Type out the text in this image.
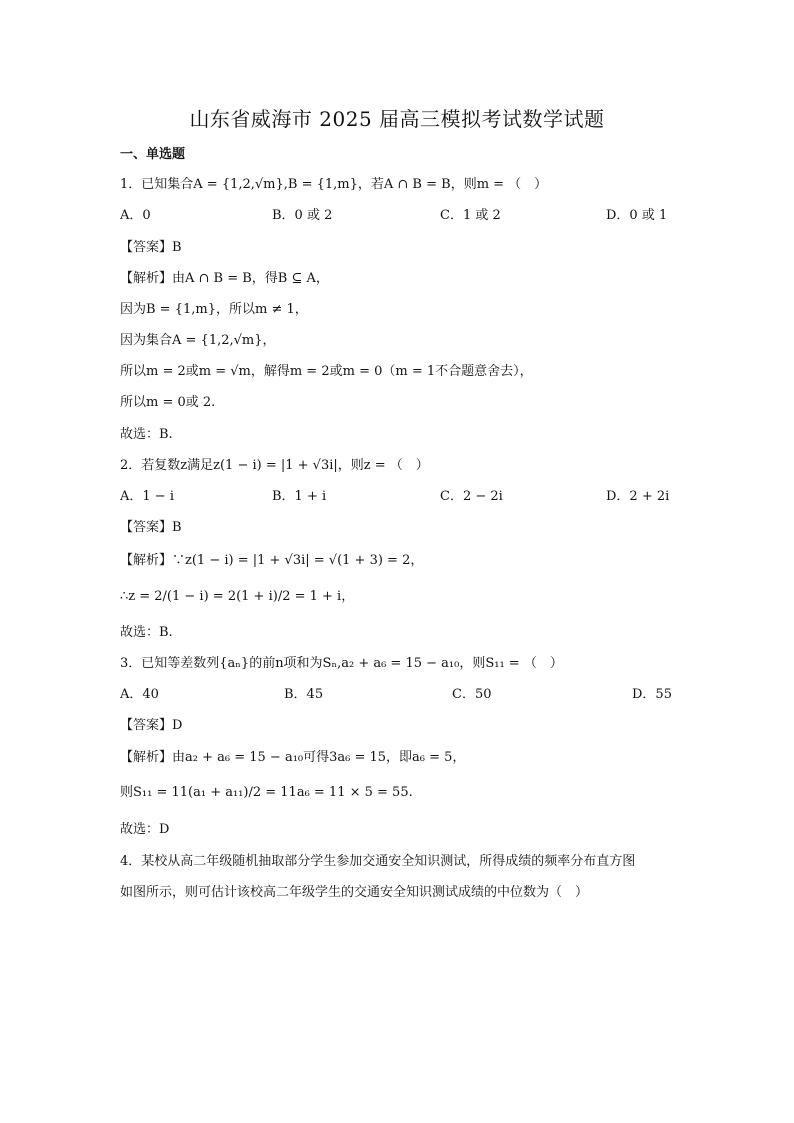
山东省威海市 2025 届高三模拟考试数学试题
一、单选题
1．已知集合A = {1,2,√m},B = {1,m}，若A ∩ B = B，则m = （　）
A．0	B．0 或 2	C．1 或 2	D．0 或 1
【答案】B
【解析】由A ∩ B = B，得B ⊆ A，
因为B = {1,m}，所以m ≠ 1，
因为集合A = {1,2,√m}，
所以m = 2或m = √m，解得m = 2或m = 0（m = 1不合题意舍去），
所以m = 0或 2.
故选：B.
2．若复数z满足z(1 − i) = |1 + √3i|，则z = （　）
A．1 − i	B．1 + i	C．2 − 2i	D．2 + 2i
【答案】B
【解析】∵z(1 − i) = |1 + √3i| = √(1 + 3) = 2，
∴z = 2/(1 − i) = 2(1 + i)/2 = 1 + i，
故选：B.
3．已知等差数列{aₙ}的前n项和为Sₙ,a₂ + a₆ = 15 − a₁₀，则S₁₁ = （　）
A．40	B．45	C．50	D．55
【答案】D
【解析】由a₂ + a₆ = 15 − a₁₀可得3a₆ = 15，即a₆ = 5，
则S₁₁ = 11(a₁ + a₁₁)/2 = 11a₆ = 11 × 5 = 55.
故选：D
4．某校从高二年级随机抽取部分学生参加交通安全知识测试，所得成绩的频率分布直方图
如图所示，则可估计该校高二年级学生的交通安全知识测试成绩的中位数为（　）
